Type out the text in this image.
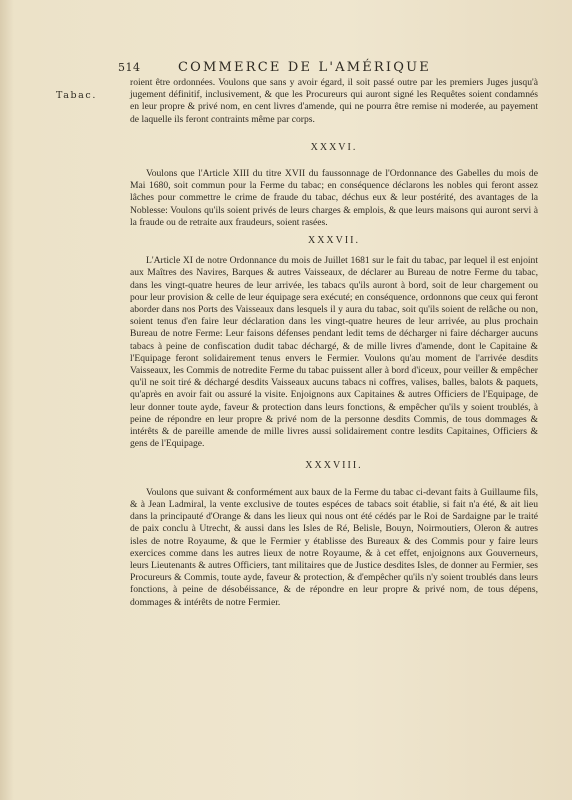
514	COMMERCE DE L'AMÉRIQUE
Tabac.

roient être ordonnées. Voulons que sans y avoir égard, il soit passé outre par les premiers Juges jusqu'à jugement définitif, inclusivement, & que les Procureurs qui auront signé les Requêtes soient condamnés en leur propre & privé nom, en cent livres d'amende, qui ne pourra être remise ni moderée, au payement de laquelle ils feront contraints même par corps.

XXXVI.

Voulons que l'Article XIII du titre XVII du faussonnage de l'Ordonnance des Gabelles du mois de Mai 1680, soit commun pour la Ferme du tabac; en conséquence déclarons les nobles qui feront assez lâches pour commettre le crime de fraude du tabac, déchus eux & leur postérité, des avantages de la Noblesse: Voulons qu'ils soient privés de leurs charges & emplois, & que leurs maisons qui auront servi à la fraude ou de retraite aux fraudeurs, soient rasées.

XXXVII.

L'Article XI de notre Ordonnance du mois de Juillet 1681 sur le fait du tabac, par lequel il est enjoint aux Maîtres des Navires, Barques & autres Vaisseaux, de déclarer au Bureau de notre Ferme du tabac, dans les vingt-quatre heures de leur arrivée, les tabacs qu'ils auront à bord, soit de leur chargement ou pour leur provision & celle de leur équipage sera exécuté; en conséquence, ordonnons que ceux qui feront aborder dans nos Ports des Vaisseaux dans lesquels il y aura du tabac, soit qu'ils soient de relâche ou non, soient tenus d'en faire leur déclaration dans les vingt-quatre heures de leur arrivée, au plus prochain Bureau de notre Ferme: Leur faisons défenses pendant ledit tems de décharger ni faire décharger aucuns tabacs à peine de confiscation dudit tabac déchargé, & de mille livres d'amende, dont le Capitaine & l'Equipage feront solidairement tenus envers le Fermier. Voulons qu'au moment de l'arrivée desdits Vaisseaux, les Commis de notredite Ferme du tabac puissent aller à bord d'iceux, pour veiller & empêcher qu'il ne soit tiré & déchargé desdits Vaisseaux aucuns tabacs ni coffres, valises, balles, balots & paquets, qu'après en avoir fait ou assuré la visite. Enjoignons aux Capitaines & autres Officiers de l'Equipage, de leur donner toute ayde, faveur & protection dans leurs fonctions, & empêcher qu'ils y soient troublés, à peine de répondre en leur propre & privé nom de la personne desdits Commis, de tous dommages & intérêts & de pareille amende de mille livres aussi solidairement contre lesdits Capitaines, Officiers & gens de l'Equipage.

XXXVIII.

Voulons que suivant & conformément aux baux de la Ferme du tabac ci-devant faits à Guillaume fils, & à Jean Ladmiral, la vente exclusive de toutes espéces de tabacs soit établie, si fait n'a été, & ait lieu dans la principauté d'Orange & dans les lieux qui nous ont été cédés par le Roi de Sardaigne par le traité de paix conclu à Utrecht, & aussi dans les Isles de Ré, Belisle, Bouyn, Noirmoutiers, Oleron & autres isles de notre Royaume, & que le Fermier y établisse des Bureaux & des Commis pour y faire leurs exercices comme dans les autres lieux de notre Royaume, & à cet effet, enjoignons aux Gouverneurs, leurs Lieutenants & autres Officiers, tant militaires que de Justice desdites Isles, de donner au Fermier, ses Procureurs & Commis, toute ayde, faveur & protection, & d'empêcher qu'ils n'y soient troublés dans leurs fonctions, à peine de désobéissance, & de répondre en leur propre & privé nom, de tous dépens, dommages & intérêts de notre Fermier.
